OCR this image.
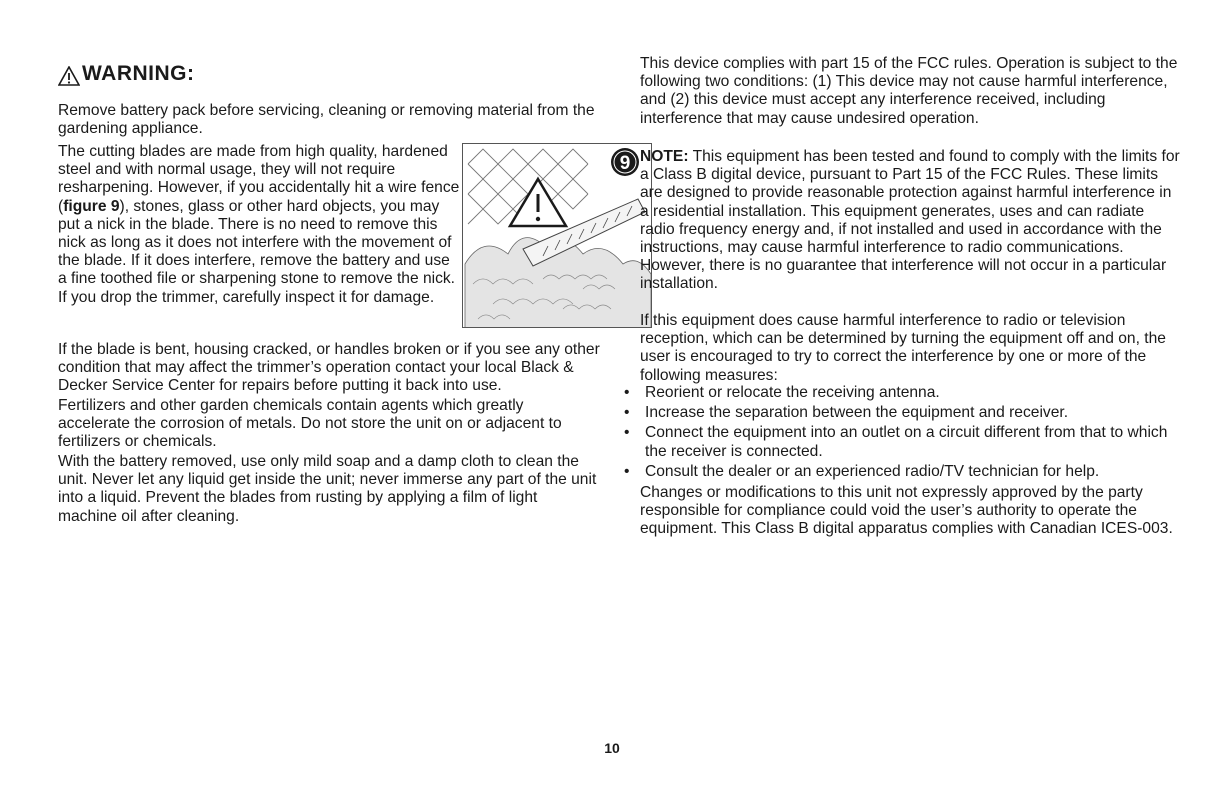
WARNING:

Remove battery pack before servicing, cleaning or removing material from the gardening appliance.

The cutting blades are made from high quality, hardened steel and with normal usage, they will not require resharpening. However, if you accidentally hit a wire fence (figure 9), stones, glass or other hard objects, you may put a nick in the blade. There is no need to remove this nick as long as it does not interfere with the movement of the blade. If it does interfere, remove the battery and use a fine toothed file or sharpening stone to remove the nick. If you drop the trimmer, carefully inspect it for damage.

If the blade is bent, housing cracked, or handles broken or if you see any other condition that may affect the trimmer’s operation contact your local Black & Decker Service Center for repairs before putting it back into use.

Fertilizers and other garden chemicals contain agents which greatly accelerate the corrosion of metals. Do not store the unit on or adjacent to fertilizers or chemicals.

With the battery removed, use only mild soap and a damp cloth to clean the unit. Never let any liquid get inside the unit; never immerse any part of the unit into a liquid. Prevent the blades from rusting by applying a film of light machine oil after cleaning.

9

This device complies with part 15 of the FCC rules. Operation is subject to the following two conditions: (1) This device may not cause harmful interference, and (2) this device must accept any interference received, including interference that may cause undesired operation.

NOTE: This equipment has been tested and found to comply with the limits for a Class B digital device, pursuant to Part 15 of the FCC Rules. These limits are designed to provide reasonable protection against harmful interference in a residential installation. This equipment generates, uses and can radiate radio frequency energy and, if not installed and used in accordance with the instructions, may cause harmful interference to radio communications. However, there is no guarantee that interference will not occur in a particular installation.

If this equipment does cause harmful interference to radio or television reception, which can be determined by turning the equipment off and on, the user is encouraged to try to correct the interference by one or more of the following measures:

• Reorient or relocate the receiving antenna.
• Increase the separation between the equipment and receiver.
• Connect the equipment into an outlet on a circuit different from that to which the receiver is connected.
• Consult the dealer or an experienced radio/TV technician for help.

Changes or modifications to this unit not expressly approved by the party responsible for compliance could void the user’s authority to operate the equipment. This Class B digital apparatus complies with Canadian ICES-003.

10
